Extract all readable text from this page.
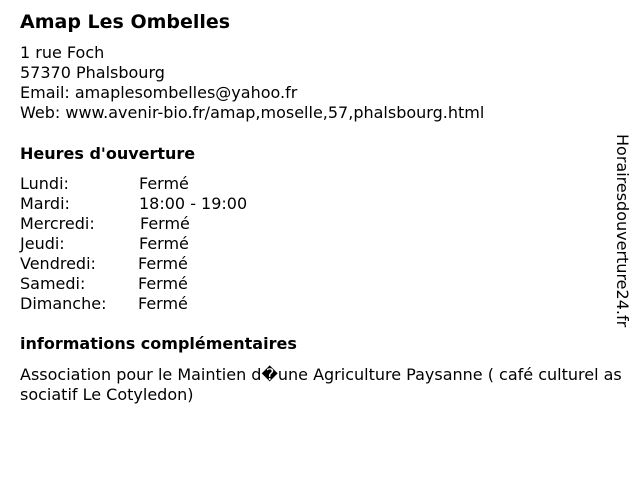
Amap Les Ombelles
1 rue Foch
57370 Phalsbourg
Email: amaplesombelles@yahoo.fr
Web: www.avenir-bio.fr/amap,moselle,57,phalsbourg.html
Heures d'ouverture
Lundi:	Fermé
Mardi:	18:00 - 19:00
Mercredi:	Fermé
Jeudi:	Fermé
Vendredi:	Fermé
Samedi:	Fermé
Dimanche: Fermé
informations complémentaires
Association pour le Maintien d�une Agriculture Paysanne ( café culturel associatif Le Cotyledon)
Horairesdouverture24.fr
